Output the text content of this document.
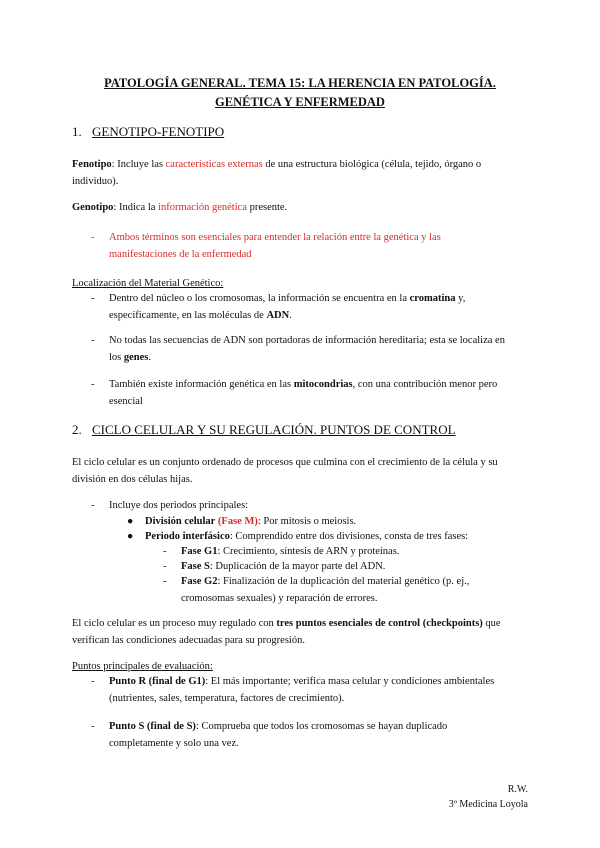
PATOLOGÍA GENERAL. TEMA 15: LA HERENCIA EN PATOLOGÍA.
GENÉTICA Y ENFERMEDAD
1. GENOTIPO-FENOTIPO
Fenotipo: Incluye las características externas de una estructura biológica (célula, tejido, órgano o
individuo).
Genotipo: Indica la información genética presente.
- Ambos términos son esenciales para entender la relación entre la genética y las
manifestaciones de la enfermedad
Localización del Material Genético:
- Dentro del núcleo o los cromosomas, la información se encuentra en la cromatina y,
específicamente, en las moléculas de ADN.
- No todas las secuencias de ADN son portadoras de información hereditaria; esta se localiza en
los genes.
- También existe información genética en las mitocondrias, con una contribución menor pero
esencial
2. CICLO CELULAR Y SU REGULACIÓN. PUNTOS DE CONTROL
El ciclo celular es un conjunto ordenado de procesos que culmina con el crecimiento de la célula y su
división en dos células hijas.
- Incluye dos periodos principales:
● División celular (Fase M): Por mitosis o meiosis.
● Periodo interfásico: Comprendido entre dos divisiones, consta de tres fases:
- Fase G1: Crecimiento, síntesis de ARN y proteínas.
- Fase S: Duplicación de la mayor parte del ADN.
- Fase G2: Finalización de la duplicación del material genético (p. ej.,
cromosomas sexuales) y reparación de errores.
El ciclo celular es un proceso muy regulado con tres puntos esenciales de control (checkpoints) que
verifican las condiciones adecuadas para su progresión.
Puntos principales de evaluación:
- Punto R (final de G1): El más importante; verifica masa celular y condiciones ambientales
(nutrientes, sales, temperatura, factores de crecimiento).
- Punto S (final de S): Comprueba que todos los cromosomas se hayan duplicado
completamente y solo una vez.
R.W.
3º Medicina Loyola
